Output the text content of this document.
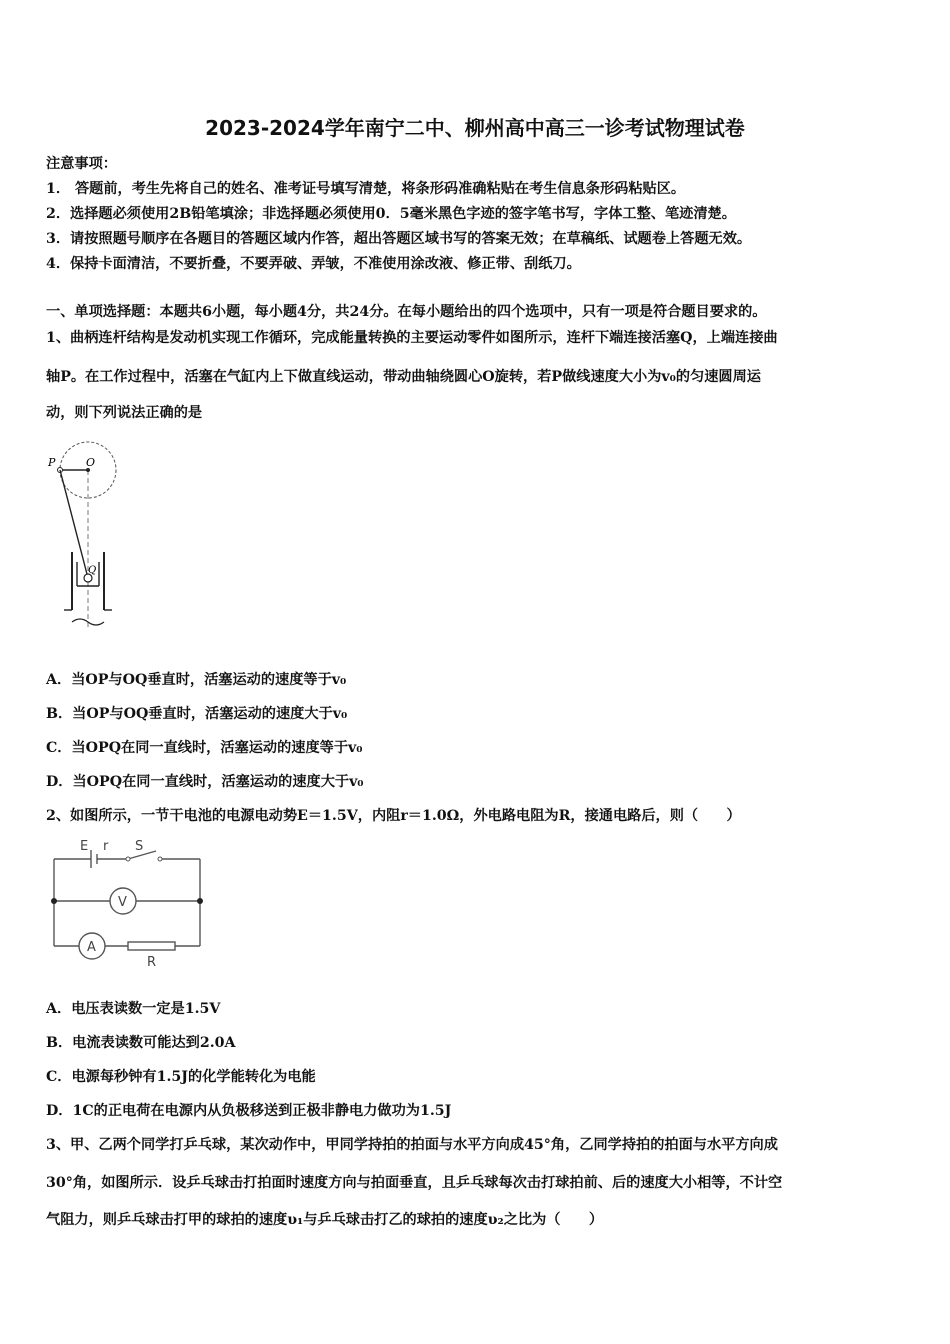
2023-2024学年南宁二中、柳州高中高三一诊考试物理试卷
注意事项：
1． 答题前，考生先将自己的姓名、准考证号填写清楚，将条形码准确粘贴在考生信息条形码粘贴区。
2．选择题必须使用2B铅笔填涂；非选择题必须使用0．5毫米黑色字迹的签字笔书写，字体工整、笔迹清楚。
3．请按照题号顺序在各题目的答题区域内作答，超出答题区域书写的答案无效；在草稿纸、试题卷上答题无效。
4．保持卡面清洁，不要折叠，不要弄破、弄皱，不准使用涂改液、修正带、刮纸刀。
一、单项选择题：本题共6小题，每小题4分，共24分。在每小题给出的四个选项中，只有一项是符合题目要求的。
1、曲柄连杆结构是发动机实现工作循环，完成能量转换的主要运动零件如图所示，连杆下端连接活塞Q，上端连接曲
轴P。在工作过程中，活塞在气缸内上下做直线运动，带动曲轴绕圆心O旋转，若P做线速度大小为v₀的匀速圆周运
动，则下列说法正确的是
P	O
Q
A．当OP与OQ垂直时，活塞运动的速度等于v₀
B．当OP与OQ垂直时，活塞运动的速度大于v₀
C．当OPQ在同一直线时，活塞运动的速度等于v₀
D．当OPQ在同一直线时，活塞运动的速度大于v₀
2、如图所示，一节干电池的电源电动势E＝1.5V，内阻r＝1.0Ω，外电路电阻为R，接通电路后，则（　　）
E r S
V
A
R
A．电压表读数一定是1.5V
B．电流表读数可能达到2.0A
C．电源每秒钟有1.5J的化学能转化为电能
D．1C的正电荷在电源内从负极移送到正极非静电力做功为1.5J
3、甲、乙两个同学打乒乓球，某次动作中，甲同学持拍的拍面与水平方向成45°角，乙同学持拍的拍面与水平方向成
30°角，如图所示．设乒乓球击打拍面时速度方向与拍面垂直，且乒乓球每次击打球拍前、后的速度大小相等，不计空
气阻力，则乒乓球击打甲的球拍的速度υ₁与乒乓球击打乙的球拍的速度υ₂之比为（　　）
